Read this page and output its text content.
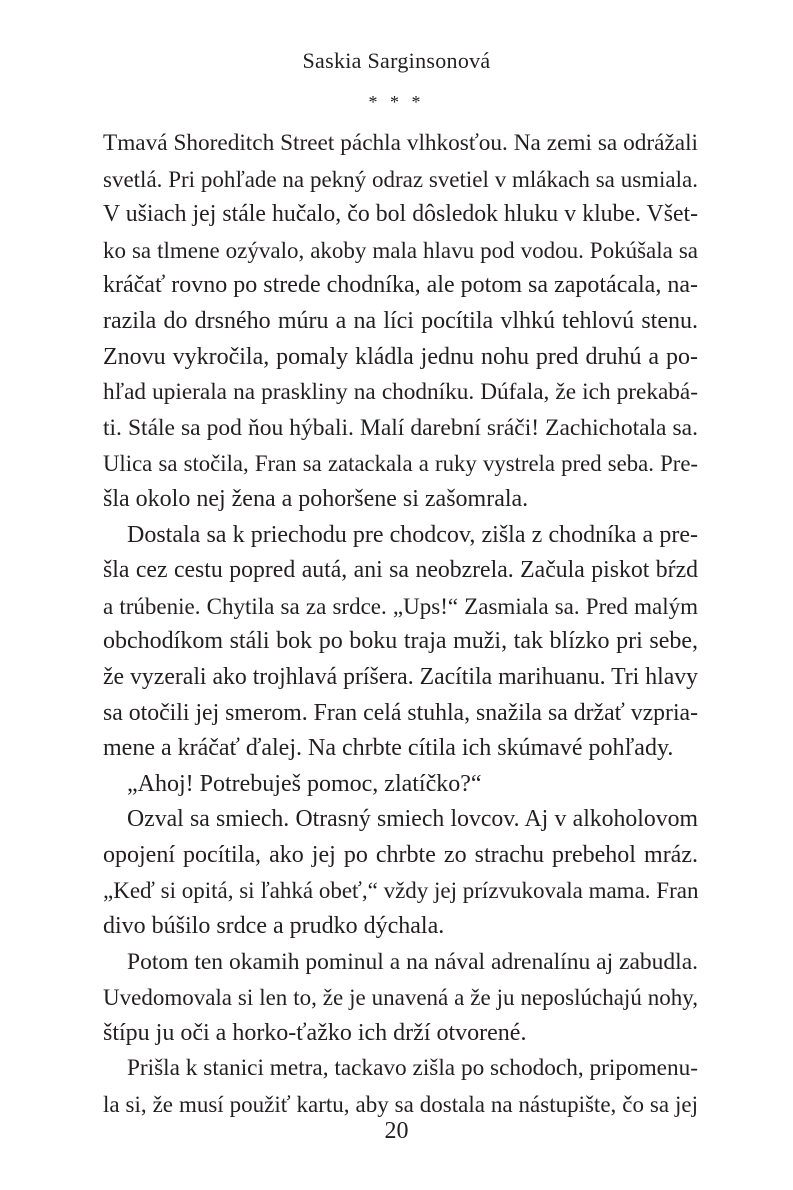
Saskia Sarginsonová
* * *
Tmavá Shoreditch Street páchla vlhkosťou. Na zemi sa odrážali
svetlá. Pri pohľade na pekný odraz svetiel v mlákach sa usmiala.
V ušiach jej stále hučalo, čo bol dôsledok hluku v klube. Všet-
ko sa tlmene ozývalo, akoby mala hlavu pod vodou. Pokúšala sa
kráčať rovno po strede chodníka, ale potom sa zapotácala, na-
razila do drsného múru a na líci pocítila vlhkú tehlovú stenu.
Znovu vykročila, pomaly kládla jednu nohu pred druhú a po-
hľad upierala na praskliny na chodníku. Dúfala, že ich prekabá-
ti. Stále sa pod ňou hýbali. Malí darební sráči! Zachichotala sa.
Ulica sa stočila, Fran sa zatackala a ruky vystrela pred seba. Pre-
šla okolo nej žena a pohoršene si zašomrala.
Dostala sa k priechodu pre chodcov, zišla z chodníka a pre-
šla cez cestu popred autá, ani sa neobzrela. Začula piskot bŕzd
a trúbenie. Chytila sa za srdce. „Ups!“ Zasmiala sa. Pred malým
obchodíkom stáli bok po boku traja muži, tak blízko pri sebe,
že vyzerali ako trojhlavá príšera. Zacítila marihuanu. Tri hlavy
sa otočili jej smerom. Fran celá stuhla, snažila sa držať vzpria-
mene a kráčať ďalej. Na chrbte cítila ich skúmavé pohľady.
„Ahoj! Potrebuješ pomoc, zlatíčko?“
Ozval sa smiech. Otrasný smiech lovcov. Aj v alkoholovom
opojení pocítila, ako jej po chrbte zo strachu prebehol mráz.
„Keď si opitá, si ľahká obeť,“ vždy jej prízvukovala mama. Fran
divo búšilo srdce a prudko dýchala.
Potom ten okamih pominul a na nával adrenalínu aj zabudla.
Uvedomovala si len to, že je unavená a že ju neposlúchajú nohy,
štípu ju oči a horko-ťažko ich drží otvorené.
Prišla k stanici metra, tackavo zišla po schodoch, pripomenu-
la si, že musí použiť kartu, aby sa dostala na nástupište, čo sa jej
20
